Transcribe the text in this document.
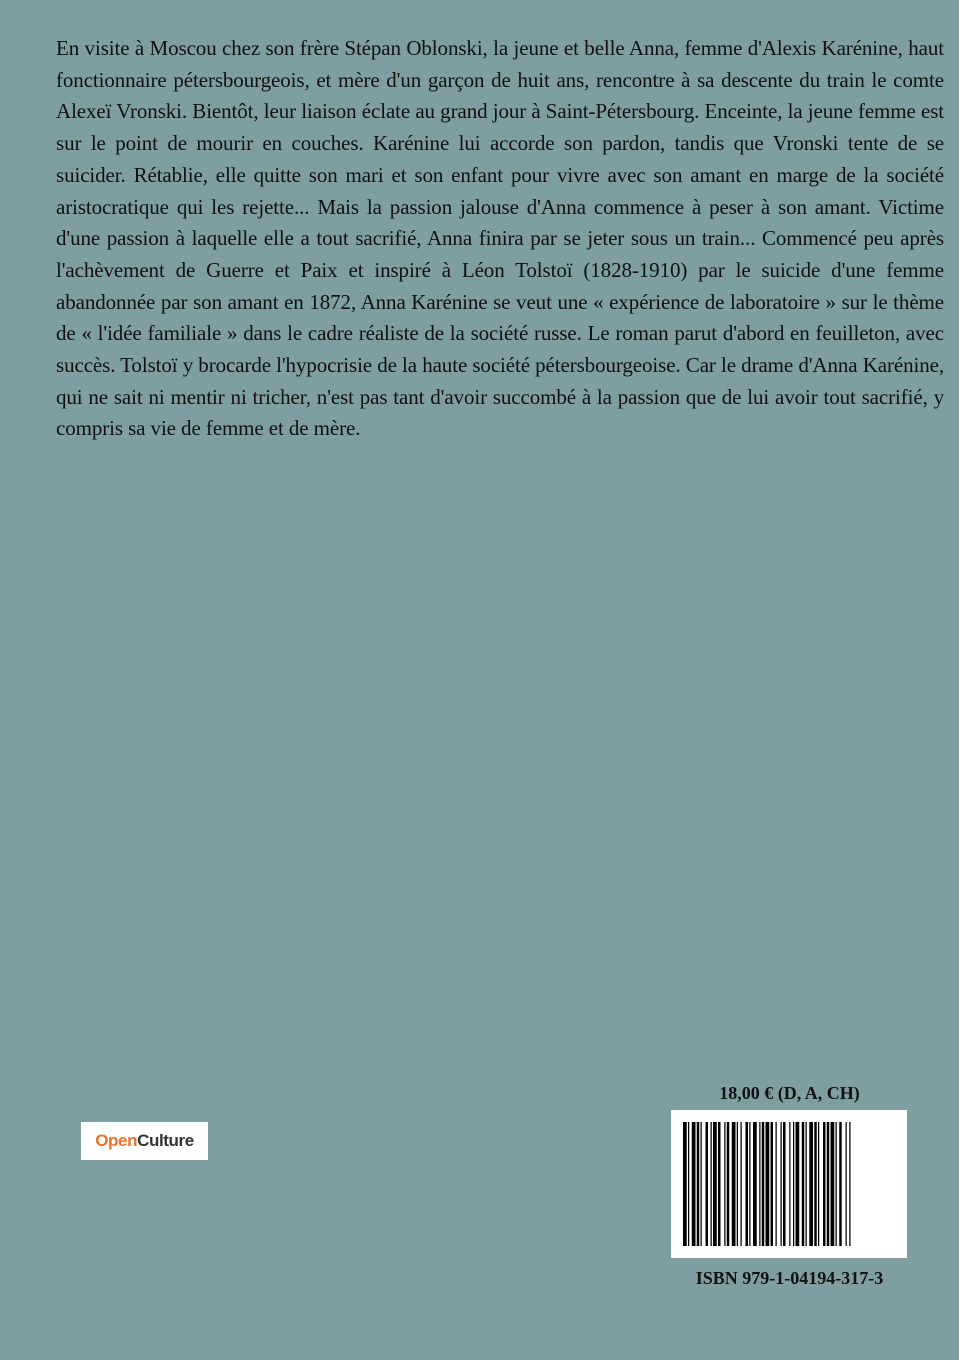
En visite à Moscou chez son frère Stépan Oblonski, la jeune et belle Anna, femme d'Alexis Karénine, haut fonctionnaire pétersbourgeois, et mère d'un garçon de huit ans, rencontre à sa descente du train le comte Alexeï Vronski. Bientôt, leur liaison éclate au grand jour à Saint-Pétersbourg. Enceinte, la jeune femme est sur le point de mourir en couches. Karénine lui accorde son pardon, tandis que Vronski tente de se suicider. Rétablie, elle quitte son mari et son enfant pour vivre avec son amant en marge de la société aristocratique qui les rejette... Mais la passion jalouse d'Anna commence à peser à son amant. Victime d'une passion à laquelle elle a tout sacrifié, Anna finira par se jeter sous un train... Commencé peu après l'achèvement de Guerre et Paix et inspiré à Léon Tolstoï (1828-1910) par le suicide d'une femme abandonnée par son amant en 1872, Anna Karénine se veut une « expérience de laboratoire » sur le thème de « l'idée familiale » dans le cadre réaliste de la société russe. Le roman parut d'abord en feuilleton, avec succès. Tolstoï y brocarde l'hypocrisie de la haute société pétersbourgeoise. Car le drame d'Anna Karénine, qui ne sait ni mentir ni tricher, n'est pas tant d'avoir succombé à la passion que de lui avoir tout sacrifié, y compris sa vie de femme et de mère.

Open Culture
18,00 € (D, A, CH)
ISBN 979-1-04194-317-3
